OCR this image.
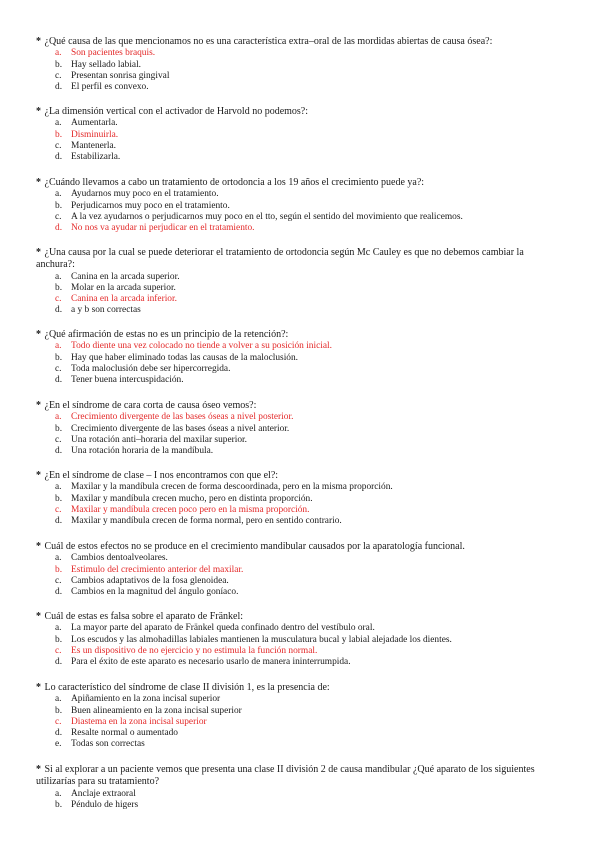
* ¿Qué causa de las que mencionamos no es una característica extra–oral de las mordidas abiertas de causa ósea?:

a. Son pacientes braquis.
b. Hay sellado labial.
c. Presentan sonrisa gingival
d. El perfil es convexo.

* ¿La dimensión vertical con el activador de Harvold no podemos?:

a. Aumentarla.
b. Disminuirla.
c. Mantenerla.
d. Estabilizarla.

* ¿Cuándo llevamos a cabo un tratamiento de ortodoncia a los 19 años el crecimiento puede ya?:

a. Ayudarnos muy poco en el tratamiento.
b. Perjudicarnos muy poco en el tratamiento.
c. A la vez ayudarnos o perjudicarnos muy poco en el tto, según el sentido del movimiento que realicemos.
d. No nos va ayudar ni perjudicar en el tratamiento.

* ¿Una causa por la cual se puede deteriorar el tratamiento de ortodoncia según Mc Cauley es que no debemos cambiar la anchura?:

a. Canina en la arcada superior.
b. Molar en la arcada superior.
c. Canina en la arcada inferior.
d. a y b son correctas

* ¿Qué afirmación de estas no es un principio de la retención?:

a. Todo diente una vez colocado no tiende a volver a su posición inicial.
b. Hay que haber eliminado todas las causas de la maloclusión.
c. Toda maloclusión debe ser hipercorregida.
d. Tener buena intercuspidación.

* ¿En el síndrome de cara corta de causa óseo vemos?:

a. Crecimiento divergente de las bases óseas a nivel posterior.
b. Crecimiento divergente de las bases óseas a nivel anterior.
c. Una rotación anti–horaria del maxilar superior.
d. Una rotación horaria de la mandíbula.

* ¿En el síndrome de clase – I nos encontramos con que el?:

a. Maxilar y la mandíbula crecen de forma descoordinada, pero en la misma proporción.
b. Maxilar y mandíbula crecen mucho, pero en distinta proporción.
c. Maxilar y mandíbula crecen poco pero en la misma proporción.
d. Maxilar y mandíbula crecen de forma normal, pero en sentido contrario.

* Cuál de estos efectos no se produce en el crecimiento mandibular causados por la aparatología funcional.

a. Cambios dentoalveolares.
b. Estimulo del crecimiento anterior del maxilar.
c. Cambios adaptativos de la fosa glenoidea.
d. Cambios en la magnitud del ángulo goníaco.

* Cuál de estas es falsa sobre el aparato de Fränkel:

a. La mayor parte del aparato de Fränkel queda confinado dentro del vestíbulo oral.
b. Los escudos y las almohadillas labiales mantienen la musculatura bucal y labial alejadade los dientes.
c. Es un dispositivo de no ejercicio y no estimula la función normal.
d. Para el éxito de este aparato es necesario usarlo de manera ininterrumpida.

* Lo característico del síndrome de clase II división 1, es la presencia de:

a. Apiñamiento en la zona incisal superior
b. Buen alineamiento en la zona incisal superior
c. Diastema en la zona incisal superior
d. Resalte normal o aumentado
e. Todas son correctas

* Si al explorar a un paciente vemos que presenta una clase II división 2 de causa mandibular ¿Qué aparato de los siguientes utilizarías para su tratamiento?

a. Anclaje extraoral
b. Péndulo de higers
